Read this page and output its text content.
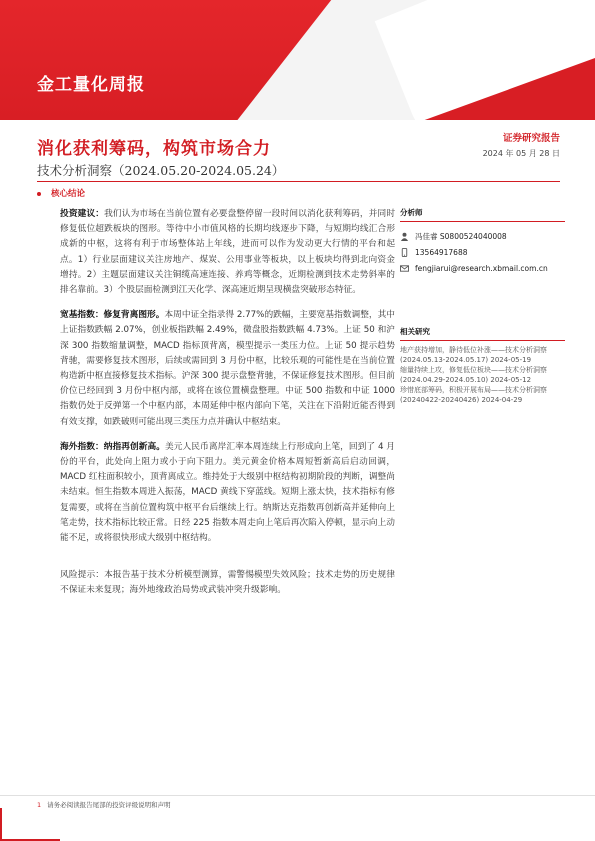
金工量化周报
消化获利筹码，构筑市场合力
技术分析洞察（2024.05.20-2024.05.24）
证券研究报告
2024 年 05 月 28 日
核心结论

投资建议：我们认为市场在当前位置有必要盘整停留一段时间以消化获利筹码，并同时修复低位超跌板块的图形。等待中小市值风格的长期均线逐步下降，与短期均线汇合形成新的中枢，这将有利于市场整体站上年线，进而可以作为发动更大行情的平台和起点。1）行业层面建议关注房地产、煤炭、公用事业等板块，以上板块均得到北向资金增持。2）主题层面建议关注铜缆高速连接、养鸡等概念，近期检测到技术走势斜率的排名靠前。3）个股层面检测到江天化学、深高速近期呈现横盘突破形态特征。

宽基指数：修复背离图形。本周中证全指录得 2.77%的跌幅，主要宽基指数调整，其中上证指数跌幅 2.07%，创业板指跌幅 2.49%，微盘股指数跌幅 4.73%。上证 50 和沪深 300 指数缩量调整，MACD 指标顶背离，模型提示一类压力位。上证 50 提示趋势背驰，需要修复技术图形，后续或需回到 3 月份中枢，比较乐观的可能性是在当前位置构造新中枢直接修复技术指标。沪深 300 提示盘整背驰，不保证修复技术图形。但目前价位已经回到 3 月份中枢内部，或将在该位置横盘整理。中证 500 指数和中证 1000 指数仍处于反弹第一个中枢内部，本周延伸中枢内部向下笔，关注在下沿附近能否得到有效支撑，如跌破则可能出现三类压力点并确认中枢结束。

海外指数：纳指再创新高。美元人民币离岸汇率本周连续上行形成向上笔，回到了 4 月份的平台，此处向上阻力或小于向下阻力。美元黄金价格本周短暂新高后启动回调，MACD 红柱面积较小，顶背离成立。维持处于大级别中枢结构初期阶段的判断，调整尚未结束。恒生指数本周进入振荡，MACD 黄线下穿蓝线。短期上涨太快，技术指标有修复需要，或将在当前位置构筑中枢平台后继续上行。纳斯达克指数再创新高并延伸向上笔走势，技术指标比较正常。日经 225 指数本周走向上笔后再次陷入停顿，显示向上动能不足，或将很快形成大级别中枢结构。

风险提示：本报告基于技术分析模型测算，需警惕模型失效风险；技术走势的历史规律不保证未来复现；海外地缘政治局势或武装冲突升级影响。

分析师
冯佳睿 S0800524040008
13564917688
fengjiarui@research.xbmail.com.cn
相关研究
地产获持增加，静待低位补涨——技术分析洞察(2024.05.13-2024.05.17) 2024-05-19
缩量持续上攻，修复低位板块——技术分析洞察(2024.04.29-2024.05.10) 2024-05-12
珍惜底部筹码，积极开展布局——技术分析洞察(20240422-20240426) 2024-04-29
1 请务必阅读报告尾部的投资评级说明和声明
